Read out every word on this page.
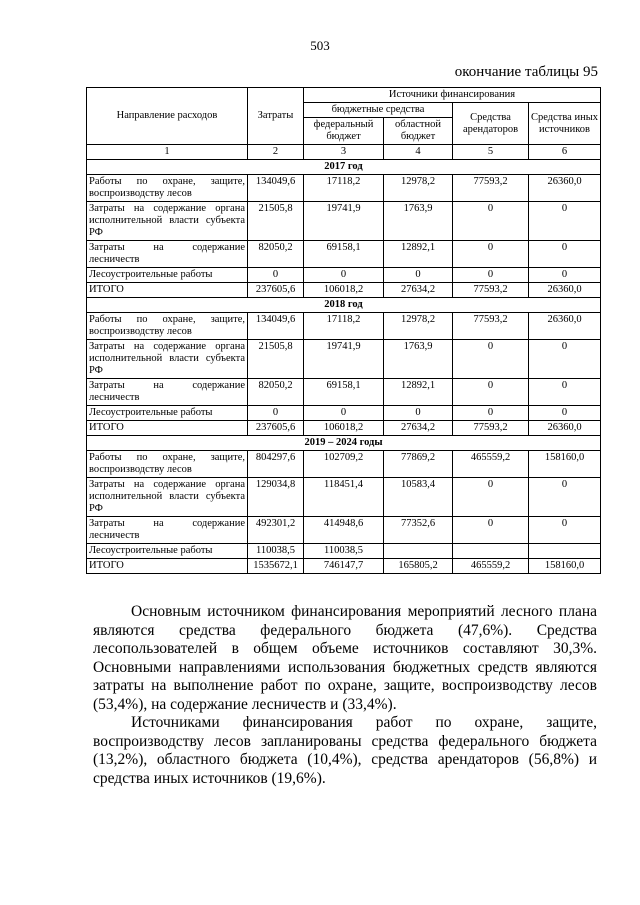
503
окончание таблицы 95
Направление расходов	Затраты	Источники финансирования			
		бюджетные средства		Средства арендаторов	Средства иных источников
		федеральный бюджет	областной бюджет		
1	2	3	4	5	6
2017 год					
Работы по охране, защите, воспроизводству лесов	134049,6	17118,2	12978,2	77593,2	26360,0
Затраты на содержание органа исполнительной власти субъекта РФ	21505,8	19741,9	1763,9	0	0
Затраты на содержание лесничеств	82050,2	69158,1	12892,1	0	0
Лесоустроительные работы	0	0	0	0	0
ИТОГО	237605,6	106018,2	27634,2	77593,2	26360,0
2018 год					
Работы по охране, защите, воспроизводству лесов	134049,6	17118,2	12978,2	77593,2	26360,0
Затраты на содержание органа исполнительной власти субъекта РФ	21505,8	19741,9	1763,9	0	0
Затраты на содержание лесничеств	82050,2	69158,1	12892,1	0	0
Лесоустроительные работы	0	0	0	0	0
ИТОГО	237605,6	106018,2	27634,2	77593,2	26360,0
2019 – 2024 годы					
Работы по охране, защите, воспроизводству лесов	804297,6	102709,2	77869,2	465559,2	158160,0
Затраты на содержание органа исполнительной власти субъекта РФ	129034,8	118451,4	10583,4	0	0
Затраты на содержание лесничеств	492301,2	414948,6	77352,6	0	0
Лесоустроительные работы	110038,5	110038,5			
ИТОГО	1535672,1	746147,7	165805,2	465559,2	158160,0

Основным источником финансирования мероприятий лесного плана являются средства федерального бюджета (47,6%). Средства лесопользователей в общем объеме источников составляют 30,3%. Основными направлениями использования бюджетных средств являются затраты на выполнение работ по охране, защите, воспроизводству лесов (53,4%), на содержание лесничеств и (33,4%).

Источниками финансирования работ по охране, защите, воспроизводству лесов запланированы средства федерального бюджета (13,2%), областного бюджета (10,4%), средства арендаторов (56,8%) и средства иных источников (19,6%).
